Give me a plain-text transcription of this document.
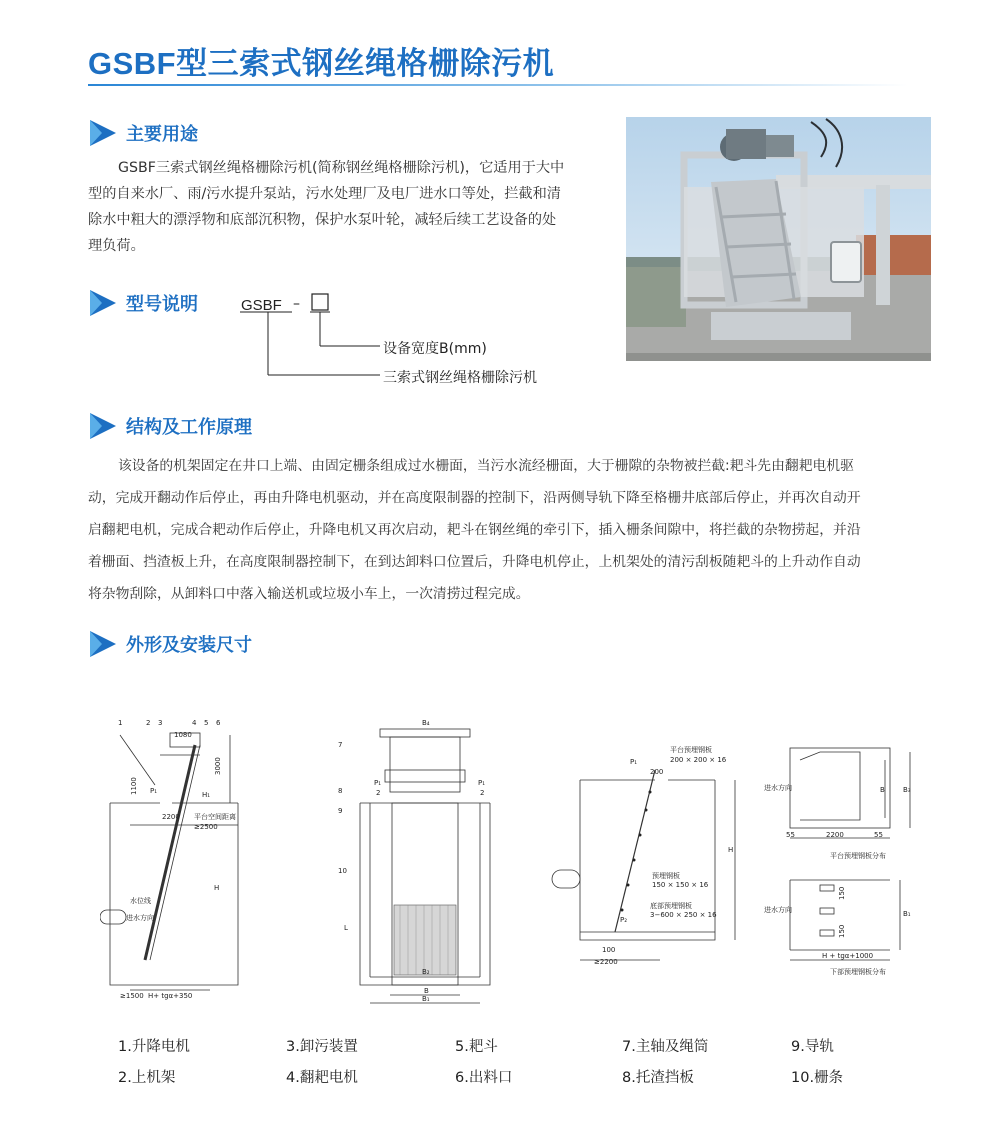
GSBF型三索式钢丝绳格栅除污机
主要用途
GSBF三索式钢丝绳格栅除污机(简称钢丝绳格栅除污机)，它适用于大中
型的自来水厂、雨/污水提升泵站，污水处理厂及电厂进水口等处，拦截和清
除水中粗大的漂浮物和底部沉积物，保护水泵叶轮，减轻后续工艺设备的处
理负荷。
型号说明	GSBF –
设备宽度B(mm)
三索式钢丝绳格栅除污机
结构及工作原理
该设备的机架固定在井口上端、由固定栅条组成过水栅面，当污水流经栅面，大于栅隙的杂物被拦截:耙斗先由翻耙电机驱
动，完成开翻动作后停止，再由升降电机驱动，并在高度限制器的控制下，沿两侧导轨下降至格栅井底部后停止，并再次自动开
启翻耙电机，完成合耙动作后停止，升降电机又再次启动，耙斗在钢丝绳的牵引下，插入栅条间隙中，将拦截的杂物捞起，并沿
着栅面、挡渣板上升，在高度限制器控制下，在到达卸料口位置后，升降电机停止，上机架处的清污刮板随耙斗的上升动作自动
将杂物刮除，从卸料口中落入输送机或垃圾小车上，一次清捞过程完成。
外形及安装尺寸
1	2 3	4 5 6
1080
3000
1100	H₁
P₁
2200 平台空间距离
≥2500
H
水位线
进水方向
≥1500 H+ tgα+350
B₄
7
8
9
10
P₁	P₁
2	2
L
B₂
B
B₁
平台预埋钢板
200 × 200 × 16
P₁
200
H
预埋钢板
150 × 150 × 16
底部预埋钢板
3−600 × 250 × 16
P₂
100
≥2200
进水方向	B	B₃
55	2200	55
平台预埋钢板分布
进水方向
150
150
B₁
H + tgα+1000
下部预埋钢板分布
1.升降电机	3.卸污装置	5.耙斗	7.主轴及绳筒	9.导轨
2.上机架	4.翻耙电机	6.出料口	8.托渣挡板	10.栅条
